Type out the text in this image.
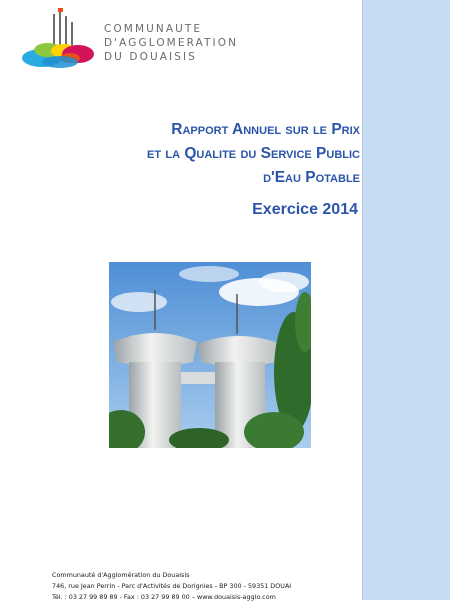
COMMUNAUTE
D'AGGLOMERATION
DU DOUAISIS
Rapport Annuel sur le Prix
et la Qualite du Service Public
d'Eau Potable
Exercice 2014
Communauté d'Agglomération du Douaisis
746, rue Jean Perrin - Parc d'Activités de Dorignies - BP 300 - 59351 DOUAI
Tél. : 03 27 99 89 89 - Fax : 03 27 99 89 00 – www.douaisis-agglo.com
